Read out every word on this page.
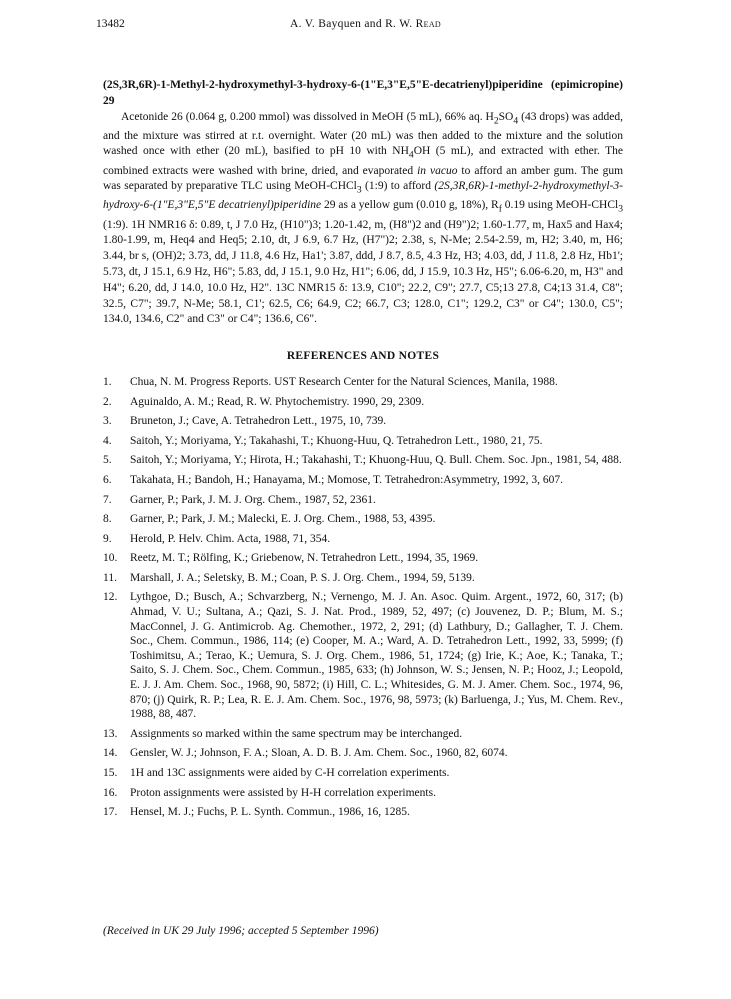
13482	A. V. Bayquen and R. W. Read

(2S,3R,6R)-1-Methyl-2-hydroxymethyl-3-hydroxy-6-(1"E,3"E,5"E-decatrienyl)piperidine (epimicropine) 29

Acetonide 26 (0.064 g, 0.200 mmol) was dissolved in MeOH (5 mL), 66% aq. $H_2SO_4$ (43 drops) was added, and the mixture was stirred at r.t. overnight. Water (20 mL) was then added to the mixture and the solution washed once with ether (20 mL), basified to pH 10 with $NH_4OH$ (5 mL), and extracted with ether. The combined extracts were washed with brine, dried, and evaporated in vacuo to afford an amber gum. The gum was separated by preparative TLC using MeOH-CHCl$_3$ (1:9) to afford (2S,3R,6R)-1-methyl-2-hydroxymethyl-3-hydroxy-6-(1"E,3"E,5"E decatrienyl)piperidine 29 as a yellow gum (0.010 g, 18%), $R_f$ 0.19 using MeOH-CHCl$_3$ (1:9). 1H NMR16 δ: 0.89, t, J 7.0 Hz, (H10")3; 1.20-1.42, m, (H8")2 and (H9")2; 1.60-1.77, m, Hax5 and Hax4; 1.80-1.99, m, Heq4 and Heq5; 2.10, dt, J 6.9, 6.7 Hz, (H7")2; 2.38, s, N-Me; 2.54-2.59, m, H2; 3.40, m, H6; 3.44, br s, (OH)2; 3.73, dd, J 11.8, 4.6 Hz, Ha1'; 3.87, ddd, J 8.7, 8.5, 4.3 Hz, H3; 4.03, dd, J 11.8, 2.8 Hz, Hb1'; 5.73, dt, J 15.1, 6.9 Hz, H6"; 5.83, dd, J 15.1, 9.0 Hz, H1"; 6.06, dd, J 15.9, 10.3 Hz, H5"; 6.06-6.20, m, H3" and H4"; 6.20, dd, J 14.0, 10.0 Hz, H2". 13C NMR15 δ: 13.9, C10"; 22.2, C9"; 27.7, C5;13 27.8, C4;13 31.4, C8"; 32.5, C7"; 39.7, N-Me; 58.1, C1'; 62.5, C6; 64.9, C2; 66.7, C3; 128.0, C1"; 129.2, C3" or C4"; 130.0, C5"; 134.0, 134.6, C2" and C3" or C4"; 136.6, C6".

REFERENCES AND NOTES
1. Chua, N. M. Progress Reports. UST Research Center for the Natural Sciences, Manila, 1988.
2. Aguinaldo, A. M.; Read, R. W. Phytochemistry. 1990, 29, 2309.
3. Bruneton, J.; Cave, A. Tetrahedron Lett., 1975, 10, 739.
4. Saitoh, Y.; Moriyama, Y.; Takahashi, T.; Khuong-Huu, Q. Tetrahedron Lett., 1980, 21, 75.
5. Saitoh, Y.; Moriyama, Y.; Hirota, H.; Takahashi, T.; Khuong-Huu, Q. Bull. Chem. Soc. Jpn., 1981, 54, 488.
6. Takahata, H.; Bandoh, H.; Hanayama, M.; Momose, T. Tetrahedron:Asymmetry, 1992, 3, 607.
7. Garner, P.; Park, J. M. J. Org. Chem., 1987, 52, 2361.
8. Garner, P.; Park, J. M.; Malecki, E. J. Org. Chem., 1988, 53, 4395.
9. Herold, P. Helv. Chim. Acta, 1988, 71, 354.
10. Reetz, M. T.; Rölfing, K.; Griebenow, N. Tetrahedron Lett., 1994, 35, 1969.
11. Marshall, J. A.; Seletsky, B. M.; Coan, P. S. J. Org. Chem., 1994, 59, 5139.
12. Lythgoe, D.; Busch, A.; Schvarzberg, N.; Vernengo, M. J. An. Asoc. Quim. Argent., 1972, 60, 317; (b) Ahmad, V. U.; Sultana, A.; Qazi, S. J. Nat. Prod., 1989, 52, 497; (c) Jouvenez, D. P.; Blum, M. S.; MacConnel, J. G. Antimicrob. Ag. Chemother., 1972, 2, 291; (d) Lathbury, D.; Gallagher, T. J. Chem. Soc., Chem. Commun., 1986, 114; (e) Cooper, M. A.; Ward, A. D. Tetrahedron Lett., 1992, 33, 5999; (f) Toshimitsu, A.; Terao, K.; Uemura, S. J. Org. Chem., 1986, 51, 1724; (g) Irie, K.; Aoe, K.; Tanaka, T.; Saito, S. J. Chem. Soc., Chem. Commun., 1985, 633; (h) Johnson, W. S.; Jensen, N. P.; Hooz, J.; Leopold, E. J. J. Am. Chem. Soc., 1968, 90, 5872; (i) Hill, C. L.; Whitesides, G. M. J. Amer. Chem. Soc., 1974, 96, 870; (j) Quirk, R. P.; Lea, R. E. J. Am. Chem. Soc., 1976, 98, 5973; (k) Barluenga, J.; Yus, M. Chem. Rev., 1988, 88, 487.
13. Assignments so marked within the same spectrum may be interchanged.
14. Gensler, W. J.; Johnson, F. A.; Sloan, A. D. B. J. Am. Chem. Soc., 1960, 82, 6074.
15. 1H and 13C assignments were aided by C-H correlation experiments.
16. Proton assignments were assisted by H-H correlation experiments.
17. Hensel, M. J.; Fuchs, P. L. Synth. Commun., 1986, 16, 1285.
(Received in UK 29 July 1996; accepted 5 September 1996)
